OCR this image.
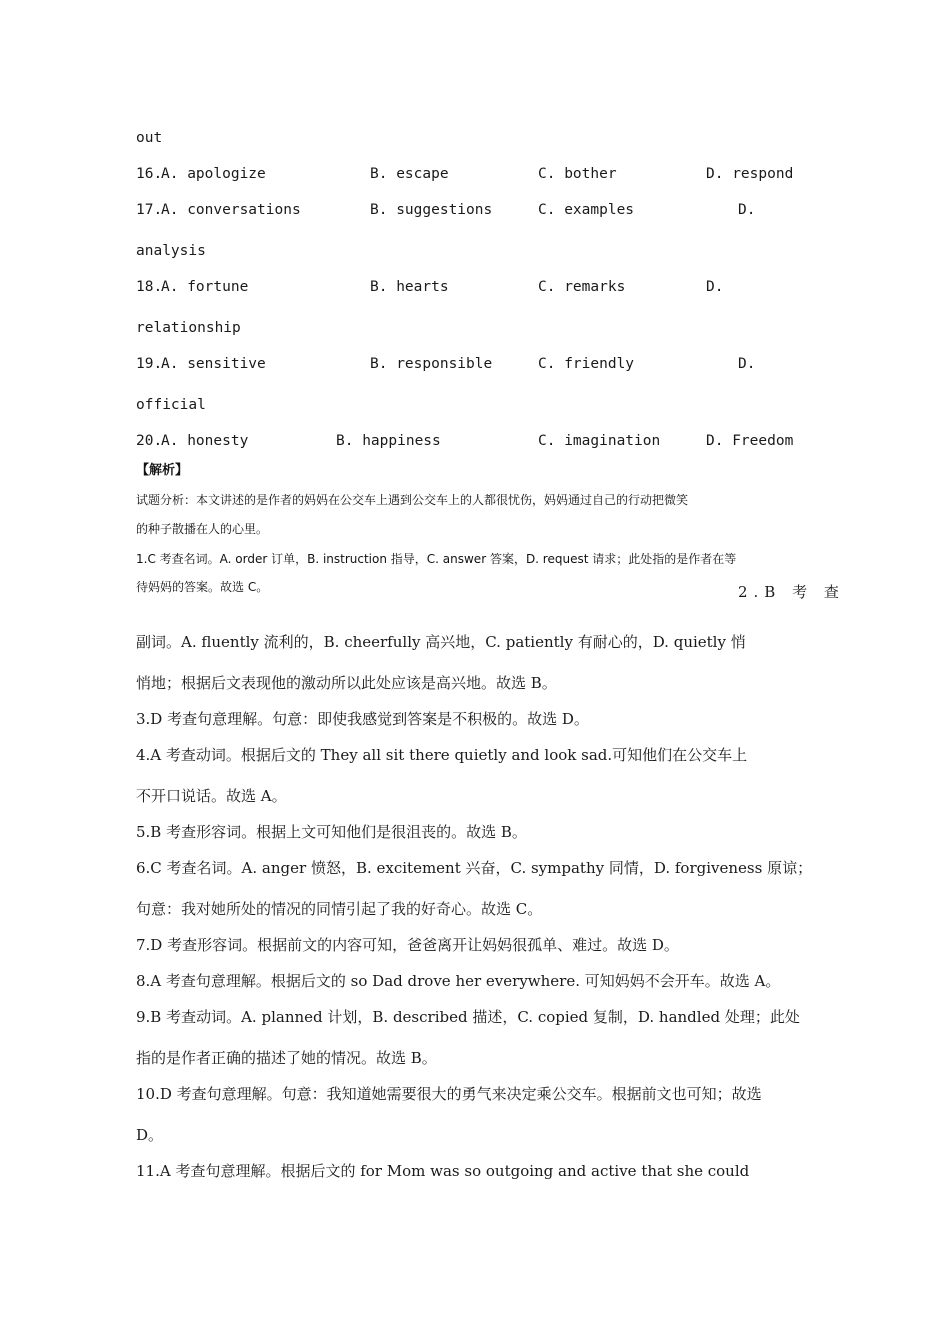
out
16.
A. apologize	B. escape	C. bother	D. respond
17.
A. conversations	B. suggestions	C. examples	D.
analysis
18.
A. fortune	B. hearts	C. remarks	D.
relationship
19.
A. sensitive	B. responsible	C. friendly	D.
official
20.
A. honesty	B. happiness	C. imagination	D. Freedom
【解析】
试题分析：本文讲述的是作者的妈妈在公交车上遇到公交车上的人都很忧伤，妈妈通过自己的行动把微笑
的种子散播在人的心里。
1.C 考查名词。A. order 订单，B. instruction 指导，C. answer 答案，D. request 请求；此处指的是作者在等
待妈妈的答案。故选 C。	2.B 考 查
副词。A. fluently 流利的，B. cheerfully 高兴地，C. patiently 有耐心的，D. quietly 悄
悄地；根据后文表现他的激动所以此处应该是高兴地。故选 B。
3.D 考查句意理解。句意：即使我感觉到答案是不积极的。故选 D。
4.A 考查动词。根据后文的 They all sit there quietly and look sad.可知他们在公交车上
不开口说话。故选 A。
5.B 考查形容词。根据上文可知他们是很沮丧的。故选 B。
6.C 考查名词。A. anger 愤怒，B. excitement 兴奋，C. sympathy 同情，D. forgiveness 原谅；
句意：我对她所处的情况的同情引起了我的好奇心。故选 C。
7.D 考查形容词。根据前文的内容可知，爸爸离开让妈妈很孤单、难过。故选 D。
8.A 考查句意理解。根据后文的 so Dad drove her everywhere. 可知妈妈不会开车。故选 A。
9.B 考查动词。A. planned 计划，B. described 描述，C. copied 复制，D. handled 处理；此处
指的是作者正确的描述了她的情况。故选 B。
10.D 考查句意理解。句意：我知道她需要很大的勇气来决定乘公交车。根据前文也可知；故选
D。
11.A 考查句意理解。根据后文的 for Mom was so outgoing and active that she could
